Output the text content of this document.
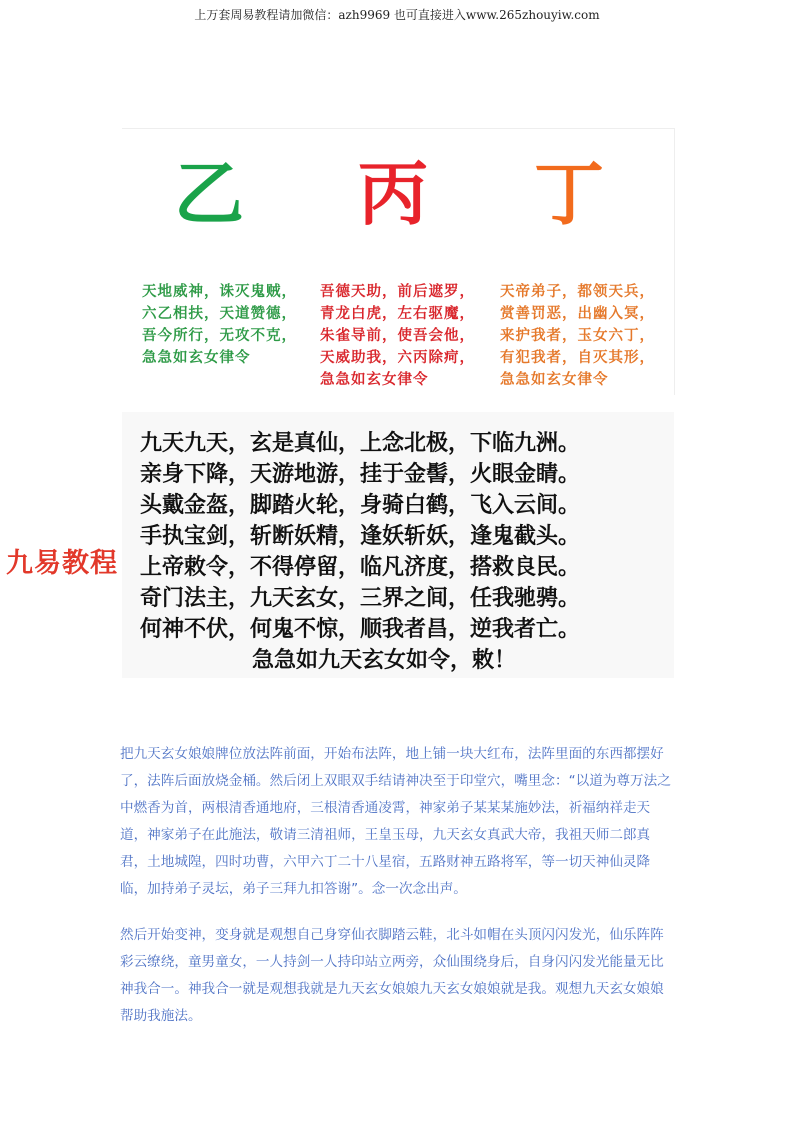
上万套周易教程请加微信：azh9969 也可直接进入www.265zhouyiw.com
乙 丙 丁
天地威神，诛灭鬼贼，
六乙相扶，天道赞德，
吾今所行，无攻不克，
急急如玄女律令
吾德天助，前后遮罗，
青龙白虎，左右驱魔，
朱雀导前，使吾会他，
天威助我，六丙除疴，
急急如玄女律令
天帝弟子，都领天兵，
赏善罚恶，出幽入冥，
来护我者，玉女六丁，
有犯我者，自灭其形，
急急如玄女律令
九天九天，玄是真仙，上念北极，下临九洲。
亲身下降，天游地游，挂于金髻，火眼金睛。
头戴金盔，脚踏火轮，身骑白鹤，飞入云间。
手执宝剑，斩断妖精，逢妖斩妖，逢鬼截头。
上帝敕令，不得停留，临凡济度，搭救良民。
奇门法主，九天玄女，三界之间，任我驰骋。
何神不伏，何鬼不惊，顺我者昌，逆我者亡。
急急如九天玄女如令，敕！
九易教程
把九天玄女娘娘牌位放法阵前面，开始布法阵，地上铺一块大红布，法阵里面的东西都摆好了，法阵后面放烧金桶。然后闭上双眼双手结请神决至于印堂穴，嘴里念：“以道为尊万法之中燃香为首，两根清香通地府，三根清香通凌霄，神家弟子某某某施妙法，祈福纳祥走天道，神家弟子在此施法，敬请三清祖师，王皇玉母，九天玄女真武大帝，我祖天师二郎真君，土地城隍，四时功曹，六甲六丁二十八星宿，五路财神五路将军，等一切天神仙灵降临，加持弟子灵坛，弟子三拜九扣答谢”。念一次念出声。
然后开始变神，变身就是观想自己身穿仙衣脚踏云鞋，北斗如帽在头顶闪闪发光，仙乐阵阵彩云缭绕，童男童女，一人持剑一人持印站立两旁，众仙围绕身后，自身闪闪发光能量无比神我合一。神我合一就是观想我就是九天玄女娘娘九天玄女娘娘就是我。观想九天玄女娘娘帮助我施法。
